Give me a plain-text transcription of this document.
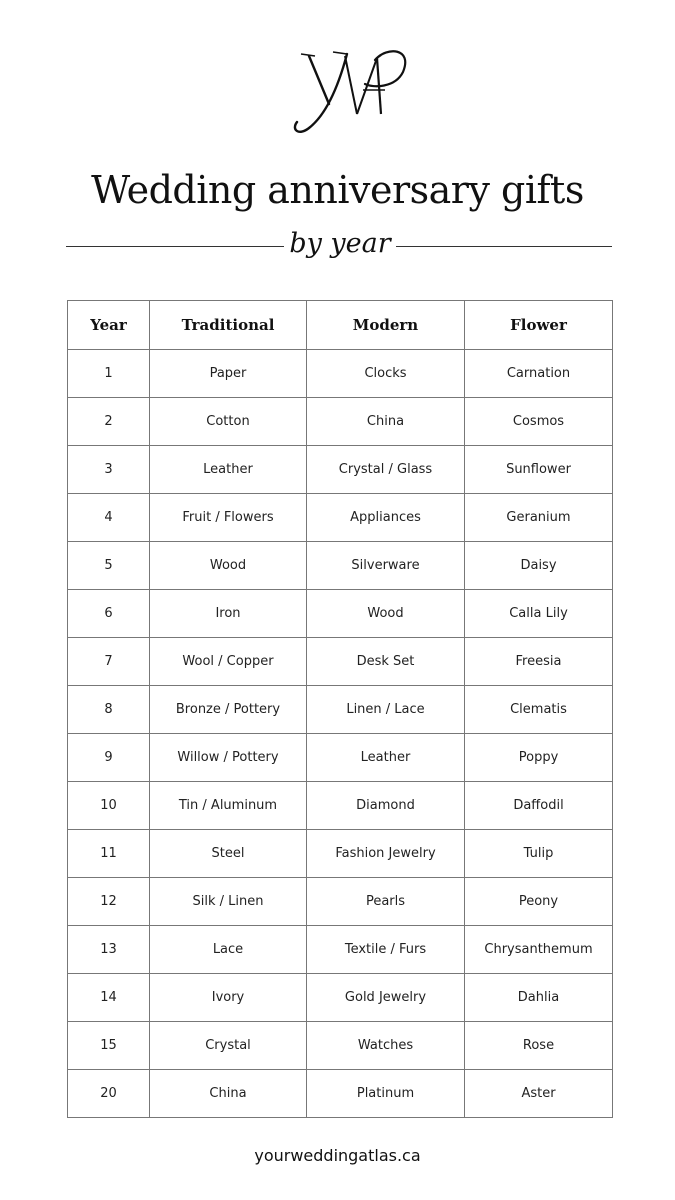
Wedding anniversary gifts
by year
Year	Traditional	Modern	Flower
1	Paper	Clocks	Carnation
2	Cotton	China	Cosmos
3	Leather	Crystal / Glass	Sunflower
4	Fruit / Flowers	Appliances	Geranium
5	Wood	Silverware	Daisy
6	Iron	Wood	Calla Lily
7	Wool / Copper	Desk Set	Freesia
8	Bronze / Pottery	Linen / Lace	Clematis
9	Willow / Pottery	Leather	Poppy
10	Tin / Aluminum	Diamond	Daffodil
11	Steel	Fashion Jewelry	Tulip
12	Silk / Linen	Pearls	Peony
13	Lace	Textile / Furs	Chrysanthemum
14	Ivory	Gold Jewelry	Dahlia
15	Crystal	Watches	Rose
20	China	Platinum	Aster
yourweddingatlas.ca
